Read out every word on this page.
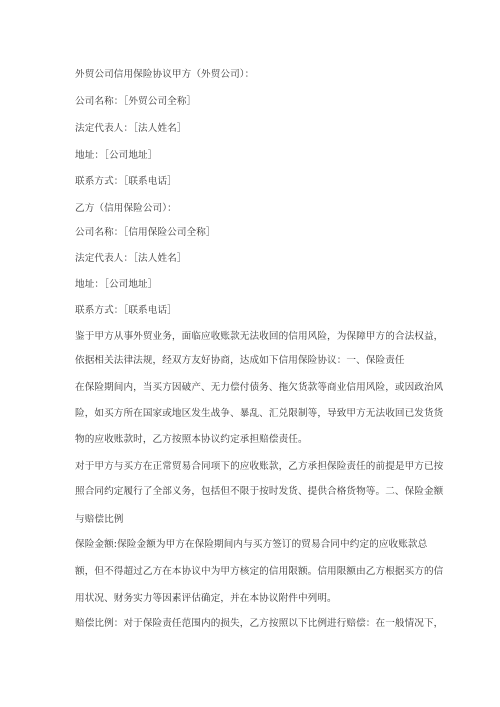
外贸公司信用保险协议甲方（外贸公司）：
公司名称：［外贸公司全称］
法定代表人：［法人姓名］
地址：［公司地址］
联系方式：［联系电话］
乙方（信用保险公司）：
公司名称：［信用保险公司全称］
法定代表人：［法人姓名］
地址：［公司地址］
联系方式：［联系电话］
鉴于甲方从事外贸业务，面临应收账款无法收回的信用风险，为保障甲方的合法权益，
依据相关法律法规，经双方友好协商，达成如下信用保险协议：一、保险责任
在保险期间内，当买方因破产、无力偿付债务、拖欠货款等商业信用风险，或因政治风
险，如买方所在国家或地区发生战争、暴乱、汇兑限制等，导致甲方无法收回已发货货
物的应收账款时，乙方按照本协议约定承担赔偿责任。
对于甲方与买方在正常贸易合同项下的应收账款，乙方承担保险责任的前提是甲方已按
照合同约定履行了全部义务，包括但不限于按时发货、提供合格货物等。二、保险金额
与赔偿比例
保险金额:保险金额为甲方在保险期间内与买方签订的贸易合同中约定的应收账款总
额，但不得超过乙方在本协议中为甲方核定的信用限额。信用限额由乙方根据买方的信
用状况、财务实力等因素评估确定，并在本协议附件中列明。
赔偿比例：对于保险责任范围内的损失，乙方按照以下比例进行赔偿：在一般情况下，
